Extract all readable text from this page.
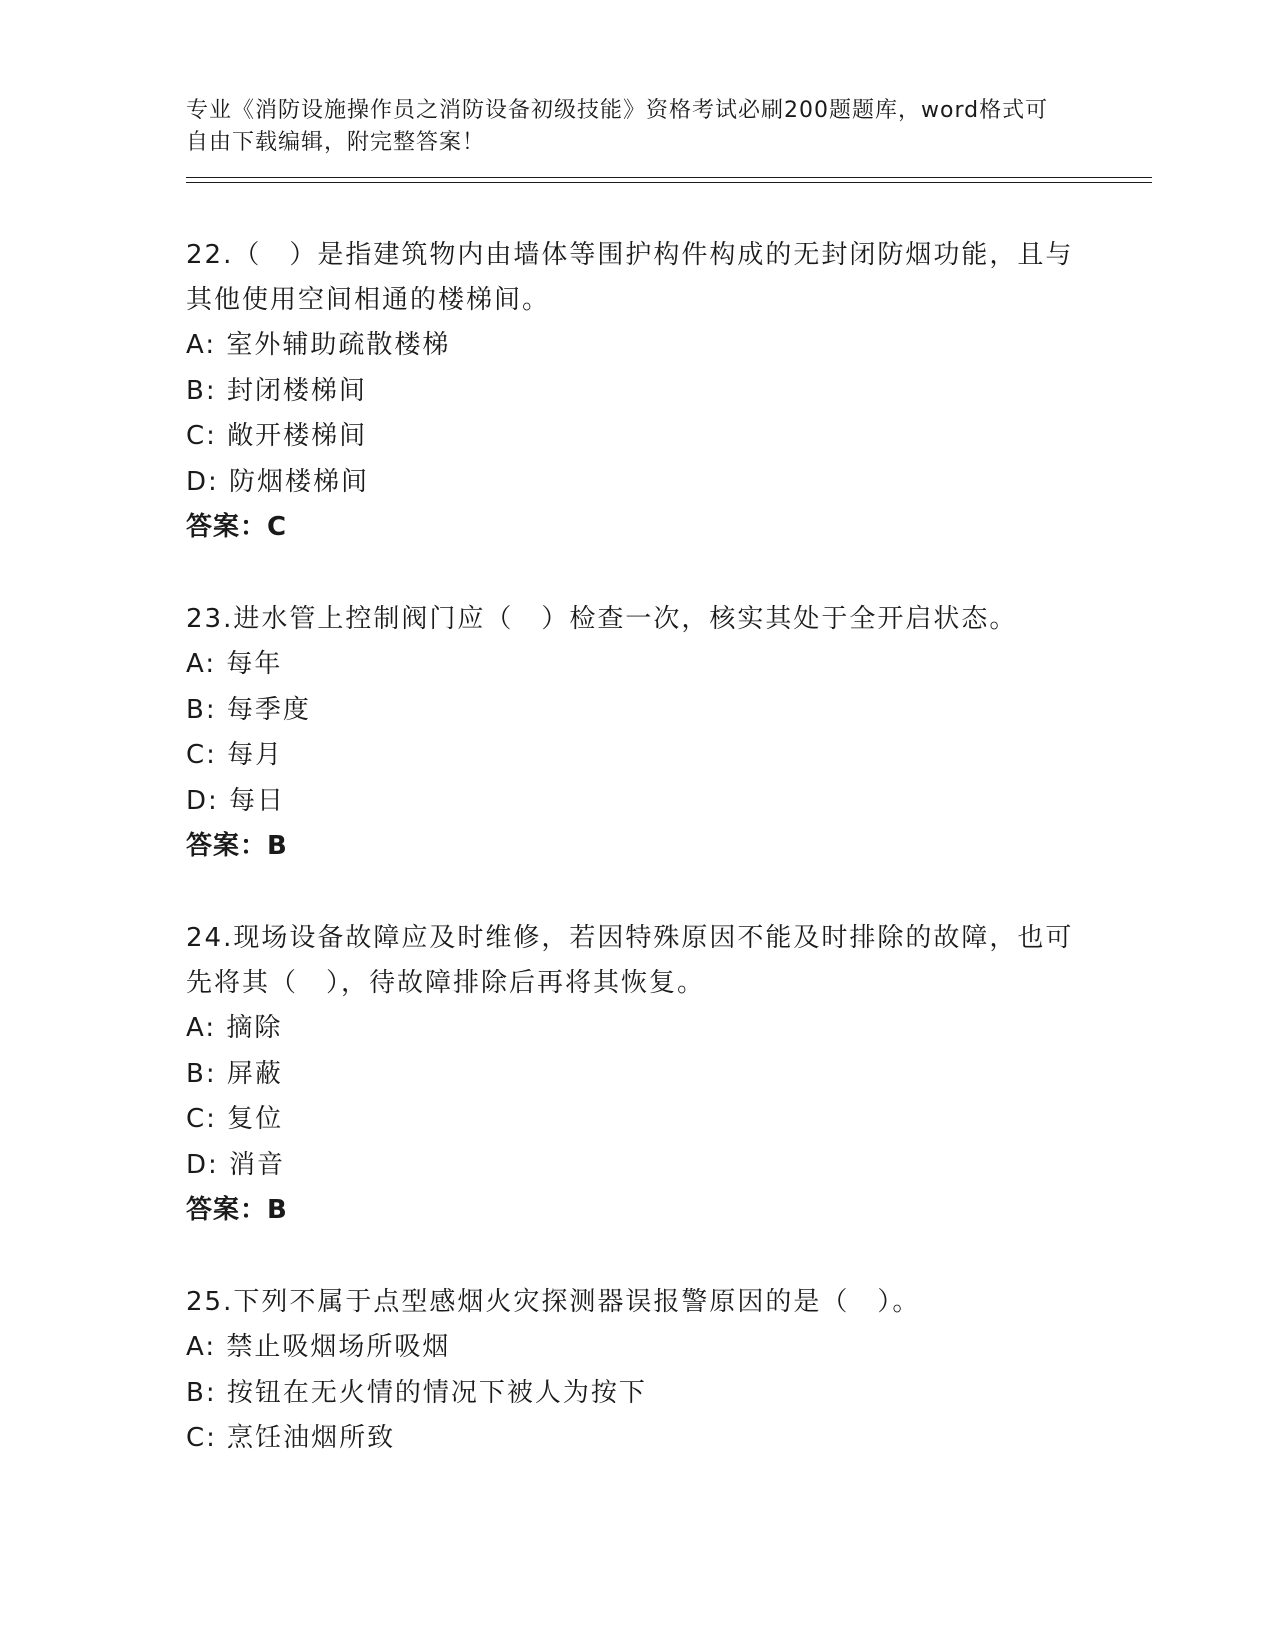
专业《消防设施操作员之消防设备初级技能》资格考试必刷200题题库，word格式可自由下载编辑，附完整答案！

22.（　）是指建筑物内由墙体等围护构件构成的无封闭防烟功能，且与其他使用空间相通的楼梯间。

A: 室外辅助疏散楼梯

B: 封闭楼梯间

C: 敞开楼梯间

D: 防烟楼梯间

答案：C

23.进水管上控制阀门应（　）检查一次，核实其处于全开启状态。

A: 每年

B: 每季度

C: 每月

D: 每日

答案：B

24.现场设备故障应及时维修，若因特殊原因不能及时排除的故障，也可先将其（　），待故障排除后再将其恢复。

A: 摘除

B: 屏蔽

C: 复位

D: 消音

答案：B

25.下列不属于点型感烟火灾探测器误报警原因的是（　）。

A: 禁止吸烟场所吸烟

B: 按钮在无火情的情况下被人为按下

C: 烹饪油烟所致
